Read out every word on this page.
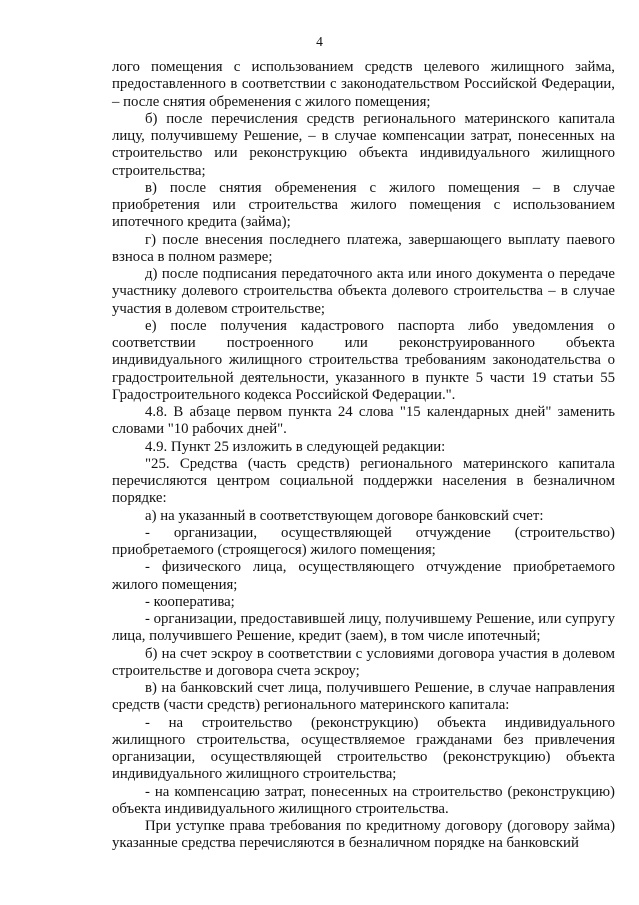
4

лого помещения с использованием средств целевого жилищного займа, предоставленного в соответствии с законодательством Российской Федерации, – после снятия обременения с жилого помещения;

б) после перечисления средств регионального материнского капитала лицу, получившему Решение, – в случае компенсации затрат, понесенных на строительство или реконструкцию объекта индивидуального жилищного строительства;

в) после снятия обременения с жилого помещения – в случае приобретения или строительства жилого помещения с использованием ипотечного кредита (займа);

г) после внесения последнего платежа, завершающего выплату паевого взноса в полном размере;

д) после подписания передаточного акта или иного документа о передаче участнику долевого строительства объекта долевого строительства – в случае участия в долевом строительстве;

е) после получения кадастрового паспорта либо уведомления о соответствии построенного или реконструированного объекта индивидуального жилищного строительства требованиям законодательства о градостроительной деятельности, указанного в пункте 5 части 19 статьи 55 Градостроительного кодекса Российской Федерации.".

4.8. В абзаце первом пункта 24 слова "15 календарных дней" заменить словами "10 рабочих дней".

4.9. Пункт 25 изложить в следующей редакции:

"25. Средства (часть средств) регионального материнского капитала перечисляются центром социальной поддержки населения в безналичном порядке:

а) на указанный в соответствующем договоре банковский счет:

- организации, осуществляющей отчуждение (строительство) приобретаемого (строящегося) жилого помещения;

- физического лица, осуществляющего отчуждение приобретаемого жилого помещения;

- кооператива;

- организации, предоставившей лицу, получившему Решение, или супругу лица, получившего Решение, кредит (заем), в том числе ипотечный;

б) на счет эскроу в соответствии с условиями договора участия в долевом строительстве и договора счета эскроу;

в) на банковский счет лица, получившего Решение, в случае направления средств (части средств) регионального материнского капитала:

- на строительство (реконструкцию) объекта индивидуального жилищного строительства, осуществляемое гражданами без привлечения организации, осуществляющей строительство (реконструкцию) объекта индивидуального жилищного строительства;

- на компенсацию затрат, понесенных на строительство (реконструкцию) объекта индивидуального жилищного строительства.

При уступке права требования по кредитному договору (договору займа) указанные средства перечисляются в безналичном порядке на банковский
